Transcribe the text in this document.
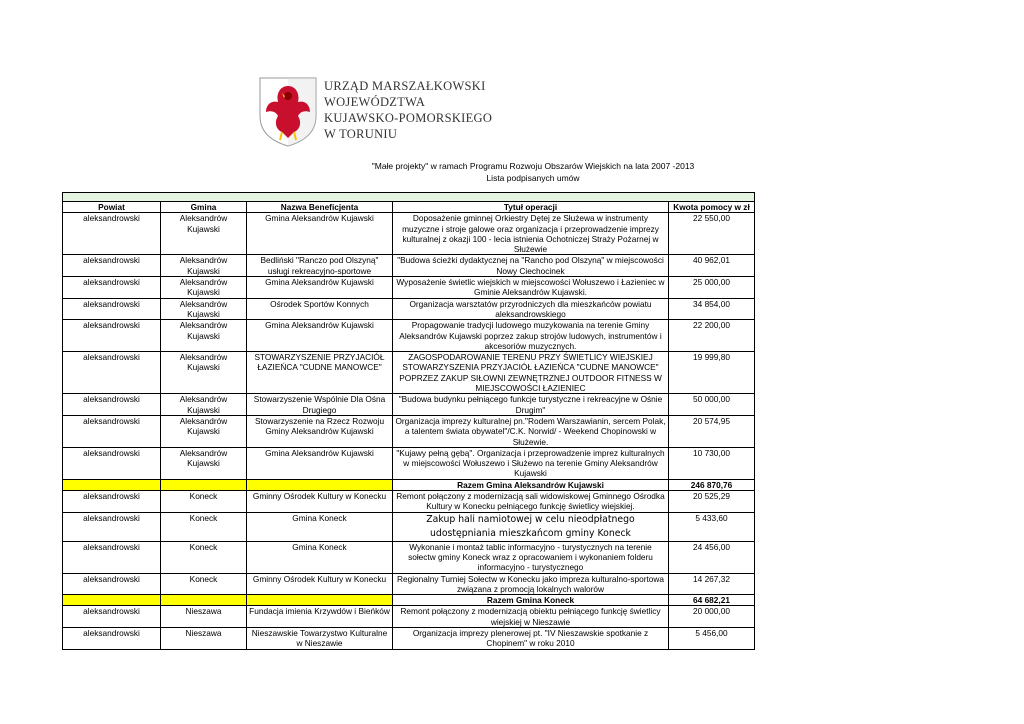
URZĄD MARSZAŁKOWSKI
WOJEWÓDZTWA
KUJAWSKO-POMORSKIEGO
W TORUNIU
"Małe projekty" w ramach Programu Rozwoju Obszarów Wiejskich na lata 2007 -2013
Lista podpisanych umów

Powiat	Gmina	Nazwa Beneficjenta	Tytuł operacji	Kwota pomocy w zł
aleksandrowski	Aleksandrów Kujawski	Gmina Aleksandrów Kujawski	Doposażenie gminnej Orkiestry Dętej ze Służewa w instrumenty muzyczne i stroje galowe oraz organizacja i przeprowadzenie imprezy kulturalnej z okazji 100 - lecia istnienia Ochotniczej Straży Pożarnej w Służewie	22 550,00
aleksandrowski	Aleksandrów Kujawski	Bedliński "Ranczo pod Olszyną" usługi rekreacyjno-sportowe	"Budowa ścieżki dydaktycznej na "Rancho pod Olszyną" w miejscowości Nowy Ciechocinek	40 962,01
aleksandrowski	Aleksandrów Kujawski	Gmina Aleksandrów Kujawski	Wyposażenie świetlic wiejskich w miejscowości Wołuszewo i Łazieniec w Gminie Aleksandrów Kujawski.	25 000,00
aleksandrowski	Aleksandrów Kujawski	Ośrodek Sportów Konnych	Organizacja warsztatów przyrodniczych dla mieszkańców powiatu aleksandrowskiego	34 854,00
aleksandrowski	Aleksandrów Kujawski	Gmina Aleksandrów Kujawski	Propagowanie tradycji ludowego muzykowania na terenie Gminy Aleksandrów Kujawski poprzez zakup strojów ludowych, instrumentów i akcesoriów muzycznych.	22 200,00
aleksandrowski	Aleksandrów Kujawski	STOWARZYSZENIE PRZYJACIÓŁ ŁAZIEŃCA "CUDNE MANOWCE"	ZAGOSPODAROWANIE TERENU PRZY ŚWIETLICY WIEJSKIEJ STOWARZYSZENIA PRZYJACIÓŁ ŁAZIEŃCA "CUDNE MANOWCE" POPRZEZ ZAKUP SIŁOWNI ZEWNĘTRZNEJ OUTDOOR FITNESS W MIEJSCOWOŚCI ŁAZIENIEC	19 999,80
aleksandrowski	Aleksandrów Kujawski	Stowarzyszenie Wspólnie Dla Ośna Drugiego	"Budowa budynku pełniącego funkcje turystyczne i rekreacyjne w Ośnie Drugim"	50 000,00
aleksandrowski	Aleksandrów Kujawski	Stowarzyszenie na Rzecz Rozwoju Gminy Aleksandrów Kujawski	Organizacja imprezy kulturalnej pn."Rodem Warszawianin, sercem Polak, a talentem świata obywatel"/C.K. Norwid/ - Weekend Chopinowski w Służewie.	20 574,95
aleksandrowski	Aleksandrów Kujawski	Gmina Aleksandrów Kujawski	"Kujawy pełną gębą". Organizacja i przeprowadzenie imprez kulturalnych w miejscowości Wołuszewo i Służewo na terenie Gminy Aleksandrów Kujawski	10 730,00
			Razem Gmina Aleksandrów Kujawski	246 870,76
aleksandrowski	Koneck	Gminny Ośrodek Kultury w Konecku	Remont połączony z modernizacją sali widowiskowej Gminnego Ośrodka Kultury w Konecku pełniącego funkcję świetlicy wiejskiej.	20 525,29
aleksandrowski	Koneck	Gmina Koneck	Zakup hali namiotowej w celu nieodpłatnego udostępniania mieszkańcom gminy Koneck	5 433,60
aleksandrowski	Koneck	Gmina Koneck	Wykonanie i montaż tablic informacyjno - turystycznych na terenie sołectw gminy Koneck wraz z opracowaniem i wykonaniem folderu informacyjno - turystycznego	24 456,00
aleksandrowski	Koneck	Gminny Ośrodek Kultury w Konecku	Regionalny Turniej Sołectw w Konecku jako impreza kulturalno-sportowa związana z promocją lokalnych walorów	14 267,32
			Razem Gmina Koneck	64 682,21
aleksandrowski	Nieszawa	Fundacja imienia Krzywdów i Bieńków	Remont połączony z modernizacją obiektu pełniącego funkcję świetlicy wiejskiej w Nieszawie	20 000,00
aleksandrowski	Nieszawa	Nieszawskie Towarzystwo Kulturalne w Nieszawie	Organizacja imprezy plenerowej pt. "IV Nieszawskie spotkanie z Chopinem" w roku 2010	5 456,00
